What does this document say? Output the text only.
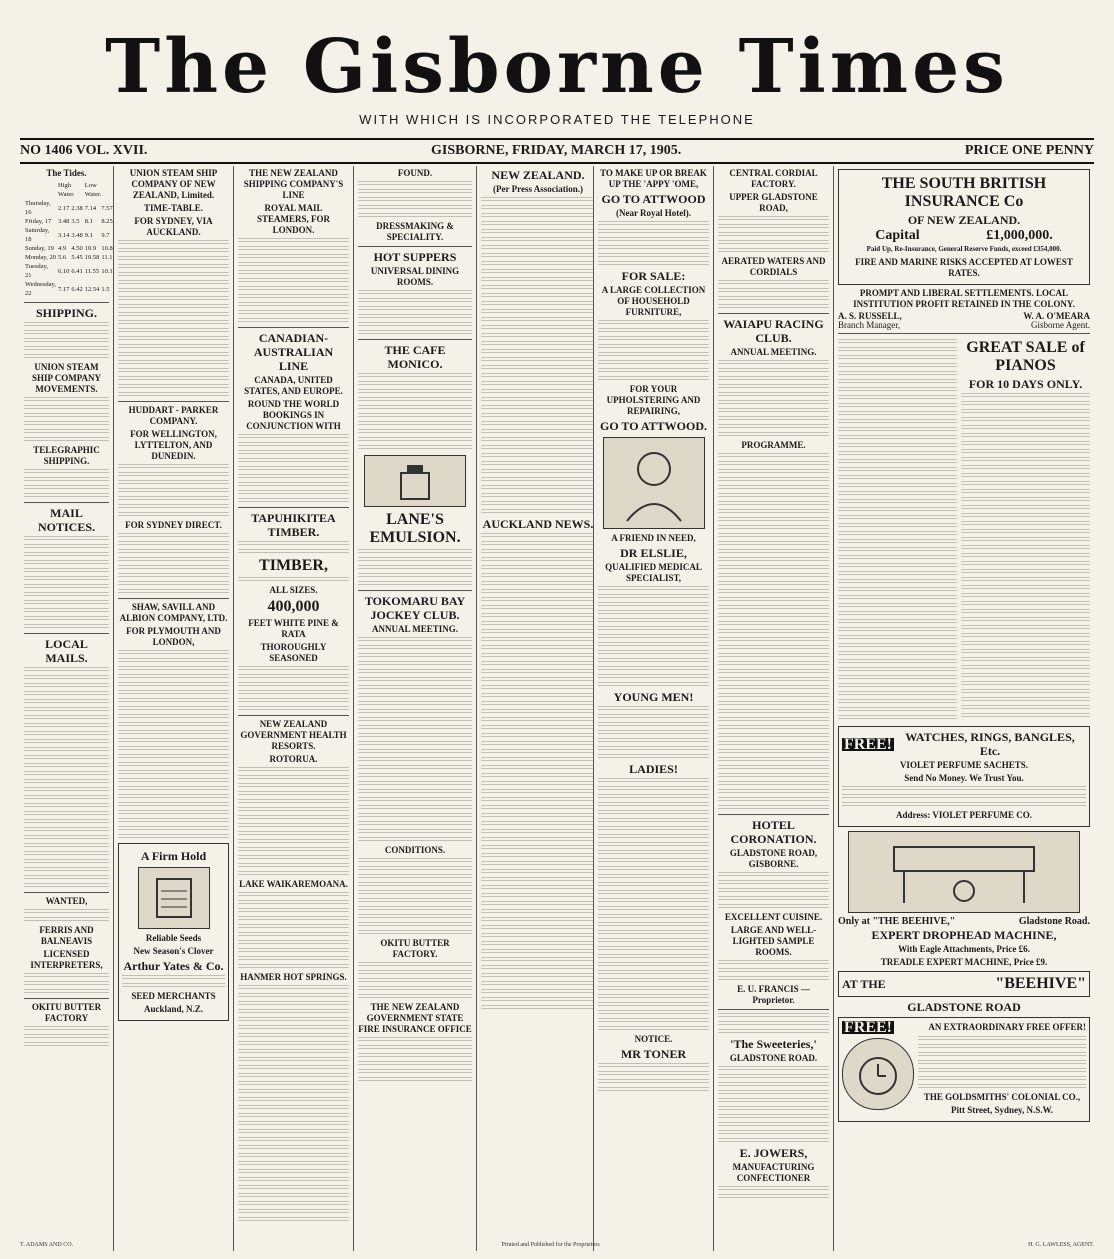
The Gisborne Times
WITH WHICH IS INCORPORATED THE TELEPHONE
NO 1406 VOL. XVII.	GISBORNE, FRIDAY, MARCH 17, 1905.	PRICE ONE PENNY
The Tides.
	High Water.		Low Water.	
Thursday, 16	2.17	2.38	7.14	7.57
Friday, 17	3.48	3.5	8.1	8.25
Saturday, 18	3.14	3.48	9.1	9.7
Sunday, 19	4.9	4.50	10.9	10.8
Monday, 20	5.6	5.45	10.58	11.1
Tuesday, 21	6.10	6.41	11.55	10.1
Wednesday, 22	7.17	6.42	12.54	1.5
SHIPPING.
UNION STEAM SHIP COMPANY MOVEMENTS.
TELEGRAPHIC SHIPPING.
MAIL NOTICES.
LOCAL MAILS.
WANTED,
FERRIS AND BALNEAVIS
LICENSED INTERPRETERS,
OKITU BUTTER FACTORY
UNION STEAM SHIP COMPANY OF NEW ZEALAND, Limited.
TIME-TABLE.
FOR SYDNEY, VIA AUCKLAND.
HUDDART - PARKER COMPANY.
FOR WELLINGTON, LYTTELTON, AND DUNEDIN.
FOR SYDNEY DIRECT.
SHAW, SAVILL AND ALBION COMPANY, LTD.
FOR PLYMOUTH AND LONDON,
A Firm Hold
Reliable Seeds
New Season's Clover
Arthur Yates & Co.
SEED MERCHANTS
Auckland, N.Z.
THE NEW ZEALAND SHIPPING COMPANY'S LINE
ROYAL MAIL STEAMERS, FOR LONDON.
CANADIAN-AUSTRALIAN LINE
CANADA, UNITED STATES, AND EUROPE.
ROUND THE WORLD BOOKINGS IN CONJUNCTION WITH
TAPUHIKITEA TIMBER.
TIMBER,
ALL SIZES.
400,000
FEET WHITE PINE & RATA
THOROUGHLY SEASONED
NEW ZEALAND GOVERNMENT HEALTH RESORTS.
ROTORUA.
LAKE WAIKAREMOANA.
HANMER HOT SPRINGS.
FOUND.
DRESSMAKING & SPECIALITY.
HOT SUPPERS
UNIVERSAL DINING ROOMS.
THE CAFE MONICO.
LANE'S EMULSION.
TOKOMARU BAY JOCKEY CLUB.
ANNUAL MEETING.
CONDITIONS.
OKITU BUTTER FACTORY.
THE NEW ZEALAND GOVERNMENT STATE FIRE INSURANCE OFFICE
NEW ZEALAND.
(Per Press Association.)
AUCKLAND NEWS.
TO MAKE UP OR BREAK UP THE 'APPY 'OME,
GO TO ATTWOOD
(Near Royal Hotel).
FOR SALE:
A LARGE COLLECTION OF HOUSEHOLD FURNITURE,
FOR YOUR UPHOLSTERING AND REPAIRING,
GO TO ATTWOOD.
A FRIEND IN NEED,
DR ELSLIE,
QUALIFIED MEDICAL SPECIALIST,
YOUNG MEN!
LADIES!
NOTICE.
MR TONER
CENTRAL CORDIAL FACTORY.
UPPER GLADSTONE ROAD,
AERATED WATERS AND CORDIALS
WAIAPU RACING CLUB.
ANNUAL MEETING.
PROGRAMME.
HOTEL CORONATION.
GLADSTONE ROAD, GISBORNE.
EXCELLENT CUISINE.
LARGE AND WELL-LIGHTED SAMPLE ROOMS.
E. U. FRANCIS — Proprietor.
'The Sweeteries,'
GLADSTONE ROAD.
E. JOWERS,
MANUFACTURING CONFECTIONER
THE SOUTH BRITISH INSURANCE Co
OF NEW ZEALAND.
Capital	£1,000,000.
Paid Up, Re-Insurance, General Reserve Funds, exceed £354,000.
FIRE AND MARINE RISKS ACCEPTED AT LOWEST RATES.
PROMPT AND LIBERAL SETTLEMENTS. LOCAL INSTITUTION PROFIT RETAINED IN THE COLONY.
A. S. RUSSELL,
Branch Manager,
W. A. O'MEARA
Gisborne Agent.
GREAT SALE of PIANOS
FOR 10 DAYS ONLY.
FREE!	WATCHES, RINGS, BANGLES, Etc.
VIOLET PERFUME SACHETS.
Send No Money. We Trust You.
Address: VIOLET PERFUME CO.
Only at "THE BEEHIVE,"	Gladstone Road.
EXPERT DROPHEAD MACHINE,
With Eagle Attachments, Price £6.
TREADLE EXPERT MACHINE, Price £9.
AT THE	"BEEHIVE"
GLADSTONE ROAD
FREE!	AN EXTRAORDINARY FREE OFFER!
THE GOLDSMITHS' COLONIAL CO.,
Pitt Street, Sydney, N.S.W.
T. ADAMS AND CO.	Printed and Published for the Proprietors	H. G. LAWLESS, AGENT.
